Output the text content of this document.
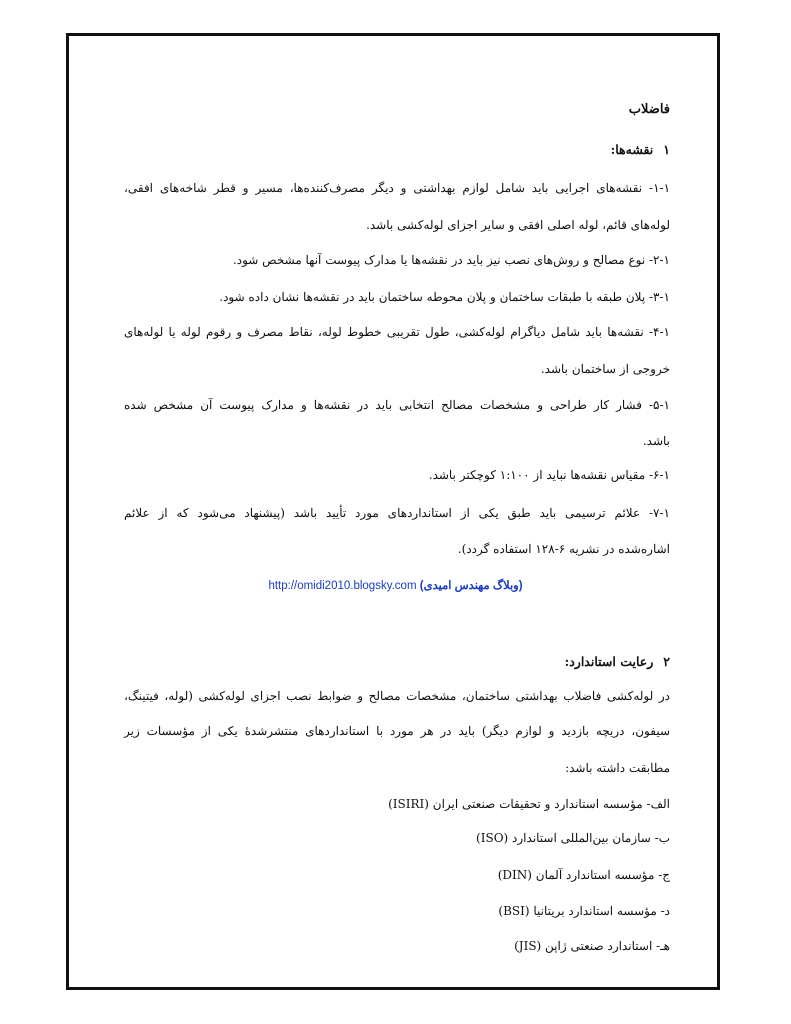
فاضلاب
۱نقشه‌ها:
۱-۱- نقشه‌های اجرایی باید شامل لوازم بهداشتی و دیگر مصرف‌کننده‌ها، مسیر و قطر شاخه‌های افقی،
لوله‌های قائم، لوله اصلی افقی و سایر اجزای لوله‌کشی باشد.
۲-۱- نوع مصالح و روش‌های نصب نیز باید در نقشه‌ها یا مدارک پیوست آنها مشخص شود.
۳-۱- پلان طبقه با طبقات ساختمان و پلان محوطه ساختمان باید در نقشه‌ها نشان داده شود.
۴-۱- نقشه‌ها باید شامل دیاگرام لوله‌کشی، طول تقریبی خطوط لوله، نقاط مصرف و رقوم لوله یا لوله‌های
خروجی از ساختمان باشد.
۵-۱- فشار کار طراحی و مشخصات مصالح انتخابی باید در نقشه‌ها و مدارک پیوست آن مشخص شده
باشد.
۶-۱- مقیاس نقشه‌ها نباید از ۱:۱۰۰ کوچکتر باشد.
۷-۱- علائم ترسیمی باید طبق یکی از استانداردهای مورد تأیید باشد (پیشنهاد می‌شود که از علائم
اشاره‌شده در نشریه ۶-۱۲۸ استفاده گردد).
۲رعایت استاندارد:
در لوله‌کشی فاضلاب بهداشتی ساختمان، مشخصات مصالح و ضوابط نصب اجزای لوله‌کشی (لوله، فیتینگ،
سیفون، دریچه بازدید و لوازم دیگر) باید در هر مورد با استانداردهای منتشرشدهٔ یکی از مؤسسات زیر
مطابقت داشته باشد:
الف- مؤسسه استاندارد و تحقیقات صنعتی ایران (ISIRI)
ب- سازمان بین‌المللی استاندارد (ISO)
ج- مؤسسه استاندارد آلمان (DIN)
د- مؤسسه استاندارد بریتانیا (BSI)
هـ- استاندارد صنعتی ژاپن (JIS)
http://omidi2010.blogsky.com (وبلاگ مهندس امیدی)
